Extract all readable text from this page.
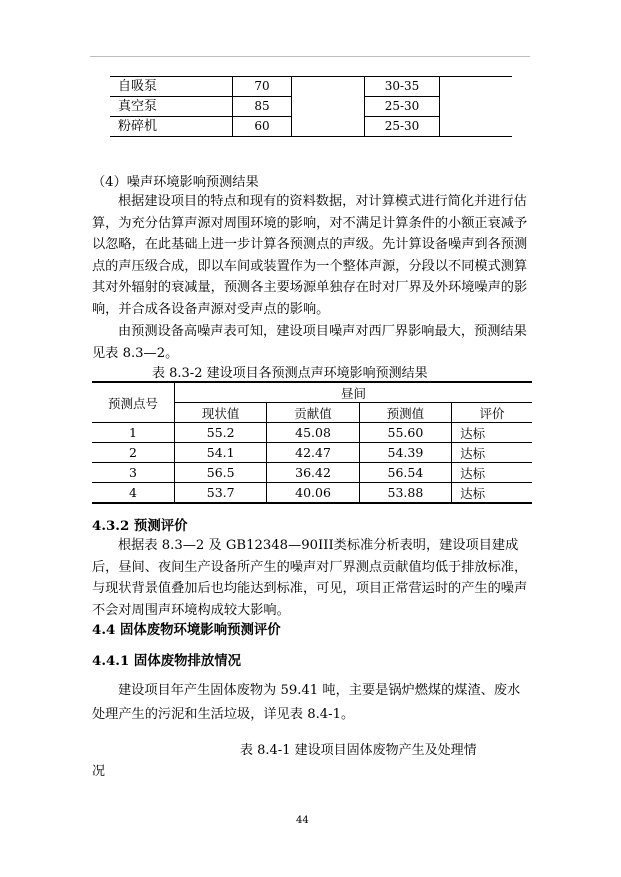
自吸泵	70		30-35	
真空泵	85		25-30	
粉碎机	60		25-30	
（4）噪声环境影响预测结果
根据建设项目的特点和现有的资料数据，对计算模式进行简化并进行估算，为充分估算声源对周围环境的影响，对不满足计算条件的小额正衰减予以忽略，在此基础上进一步计算各预测点的声级。先计算设备噪声到各预测点的声压级合成，即以车间或装置作为一个整体声源，分段以不同模式测算其对外辐射的衰减量，预测各主要场源单独存在时对厂界及外环境噪声的影响，并合成各设备声源对受声点的影响。
由预测设备高噪声表可知，建设项目噪声对西厂界影响最大，预测结果见表 8.3—2。
表 8.3-2 建设项目各预测点声环境影响预测结果
预测点号	昼间			
	现状值	贡献值	预测值	评价
1	55.2	45.08	55.60	达标
2	54.1	42.47	54.39	达标
3	56.5	36.42	56.54	达标
4	53.7	40.06	53.88	达标
4.3.2 预测评价
根据表 8.3—2 及 GB12348—90III类标准分析表明，建设项目建成后，昼间、夜间生产设备所产生的噪声对厂界测点贡献值均低于排放标准，与现状背景值叠加后也均能达到标准，可见，项目正常营运时的产生的噪声不会对周围声环境构成较大影响。
4.4 固体废物环境影响预测评价
4.4.1 固体废物排放情况
建设项目年产生固体废物为 59.41 吨，主要是锅炉燃煤的煤渣、废水处理产生的污泥和生活垃圾，详见表 8.4-1。
表 8.4-1 建设项目固体废物产生及处理情
况
44
